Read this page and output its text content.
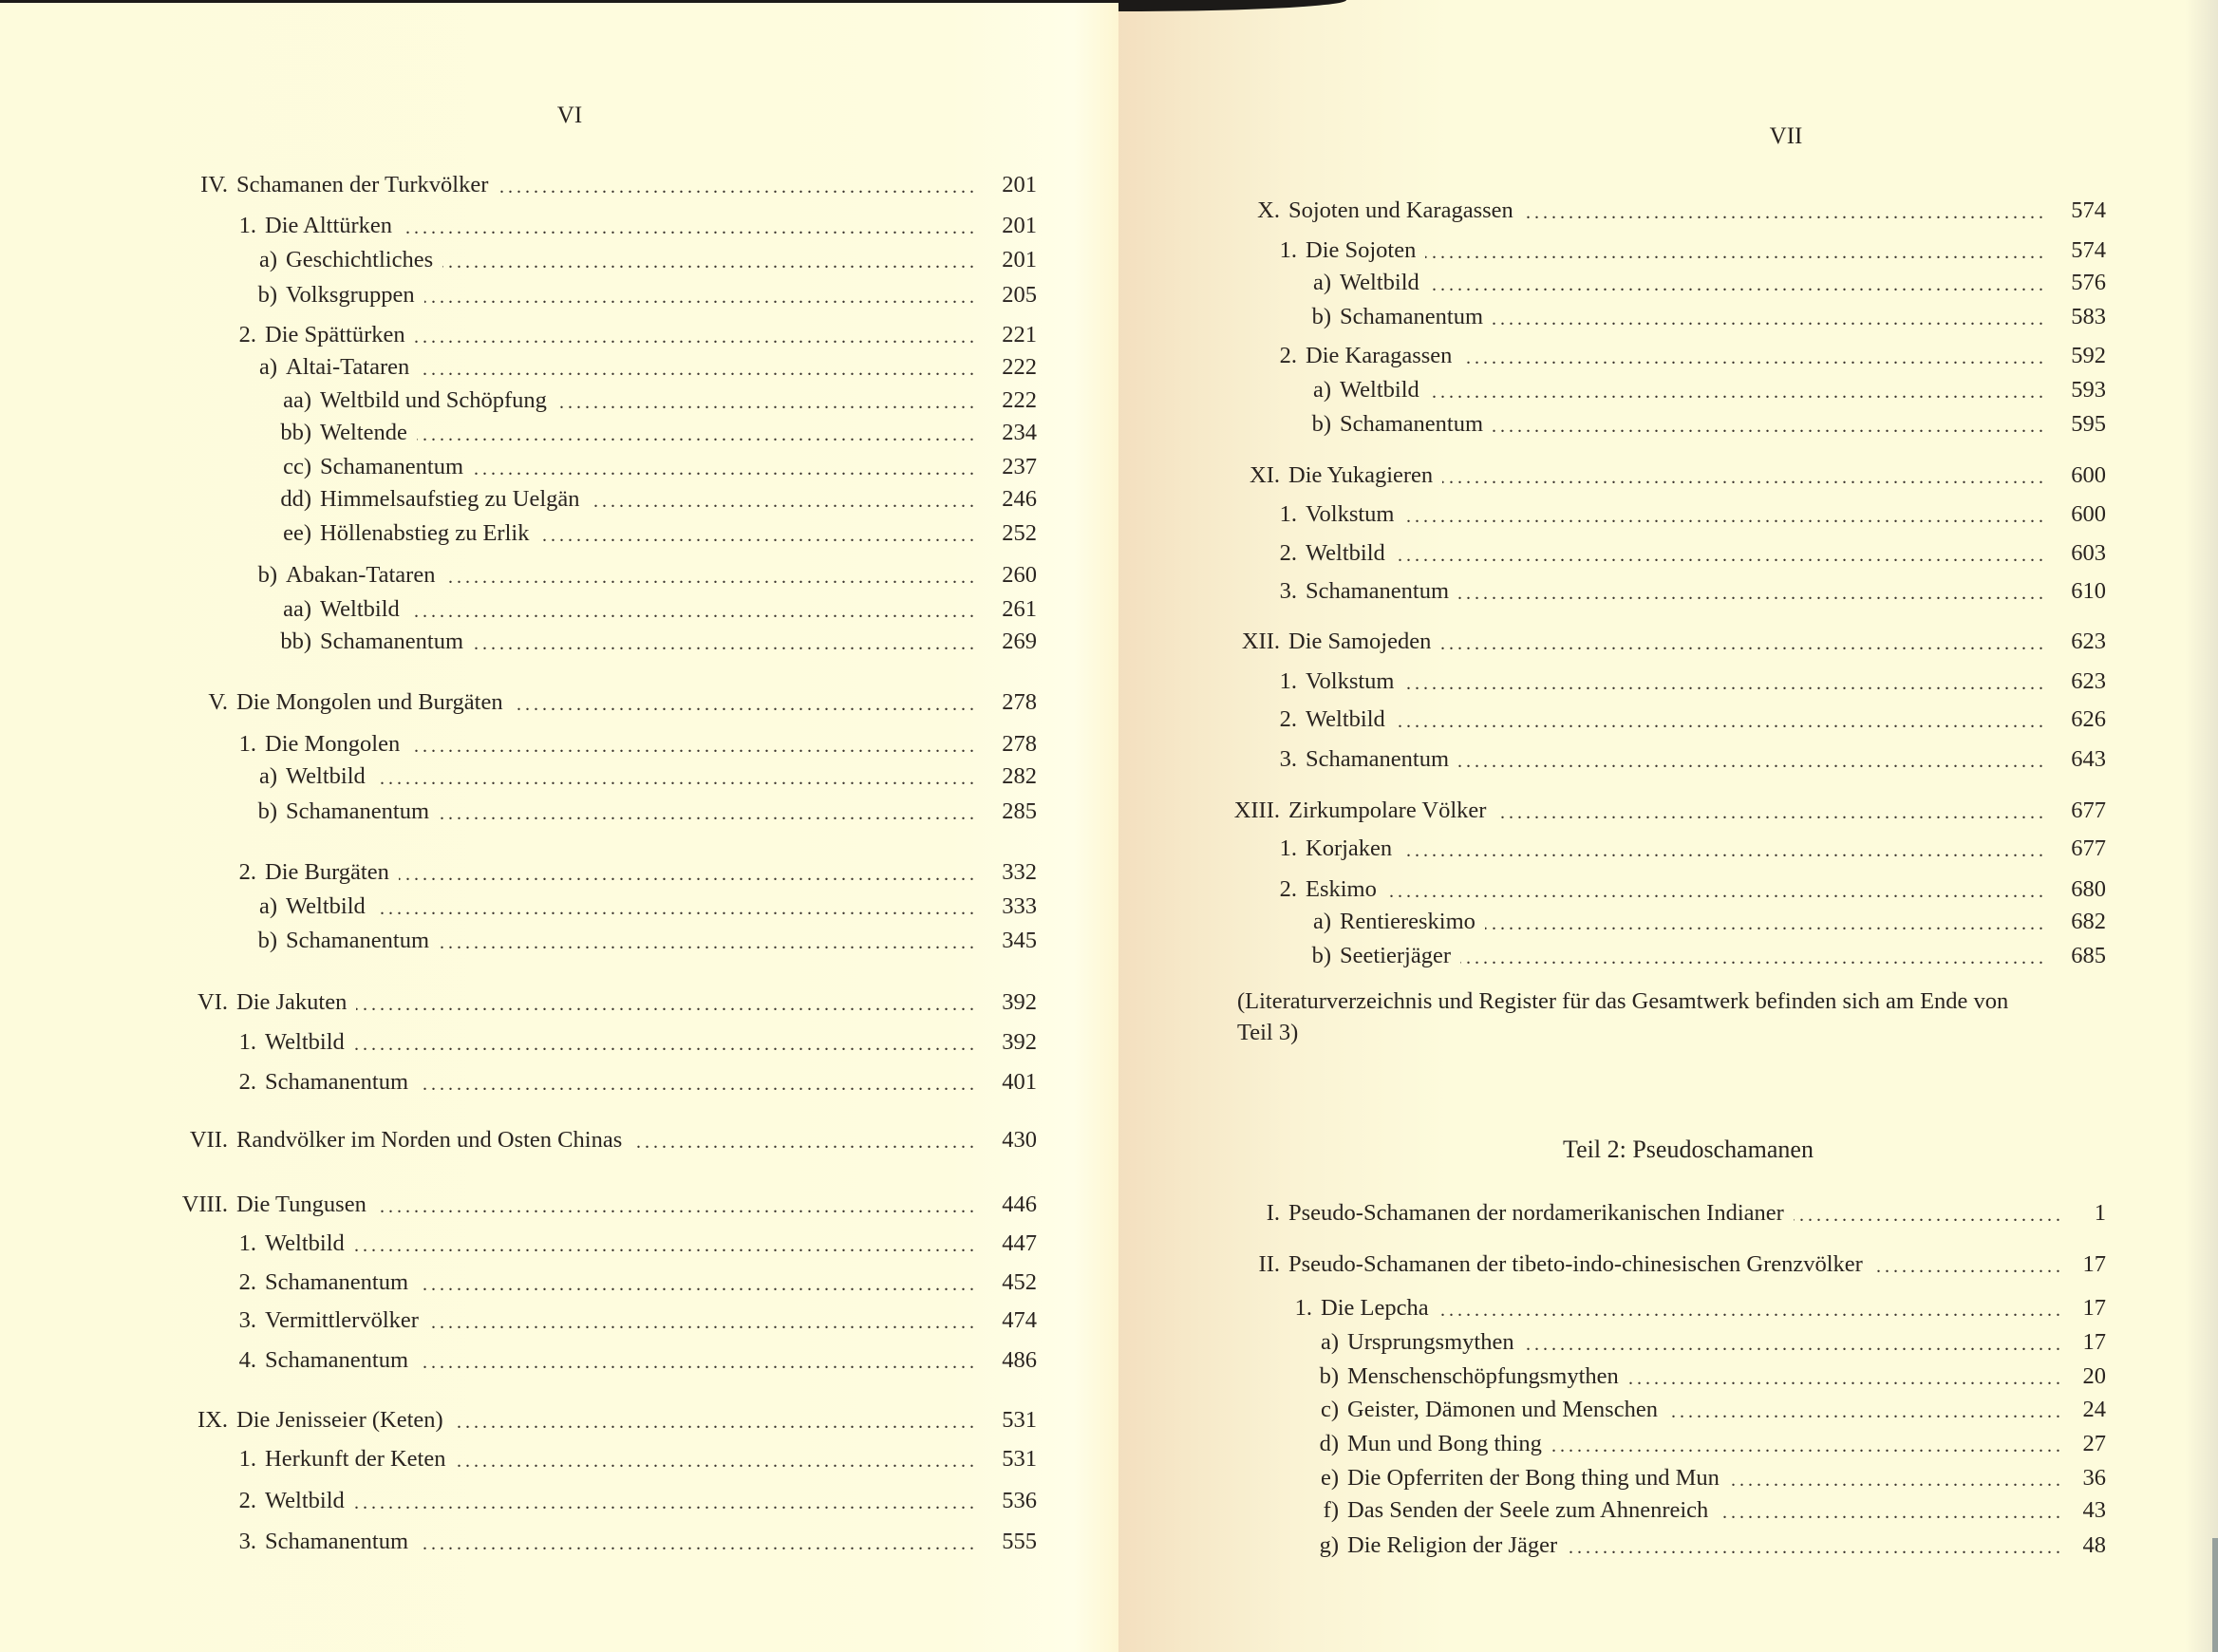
VI
IV. Schamanen der Turkvölker . . .	201
1. Die Alttürken . . .	201
a) Geschichtliches . . .	201
b) Volksgruppen . . .	205
2. Die Spättürken . . .	221
a) Altai-Tataren . . .	222
aa) Weltbild und Schöpfung . . .	222
bb) Weltende . . .	234
cc) Schamanentum . . .	237
dd) Himmelsaufstieg zu Uelgän . . .	246
ee) Höllenabstieg zu Erlik . . .	252
b) Abakan-Tataren . . .	260
aa) Weltbild . . .	261
bb) Schamanentum . . .	269
V. Die Mongolen und Burgäten . . .	278
1. Die Mongolen . . .	278
a) Weltbild . . .	282
b) Schamanentum . . .	285
2. Die Burgäten . . .	332
a) Weltbild . . .	333
b) Schamanentum . . .	345
VI. Die Jakuten . . .	392
1. Weltbild . . .	392
2. Schamanentum . . .	401
VII. Randvölker im Norden und Osten Chinas . . .	430
VIII. Die Tungusen . . .	446
1. Weltbild . . .	447
2. Schamanentum . . .	452
3. Vermittlervölker . . .	474
4. Schamanentum . . .	486
IX. Die Jenisseier (Keten) . . .	531
1. Herkunft der Keten . . .	531
2. Weltbild . . .	536
3. Schamanentum . . .	555
VII
X. Sojoten und Karagassen . . .	574
1. Die Sojoten . . .	574
a) Weltbild . . .	576
b) Schamanentum . . .	583
2. Die Karagassen . . .	592
a) Weltbild . . .	593
b) Schamanentum . . .	595
XI. Die Yukagieren . . .	600
1. Volkstum . . .	600
2. Weltbild . . .	603
3. Schamanentum . . .	610
XII. Die Samojeden . . .	623
1. Volkstum . . .	623
2. Weltbild . . .	626
3. Schamanentum . . .	643
XIII. Zirkumpolare Völker . . .	677
1. Korjaken . . .	677
2. Eskimo . . .	680
a) Rentiereskimo . . .	682
b) Seetierjäger . . .	685
(Literaturverzeichnis und Register für das Gesamtwerk befinden sich am Ende von
Teil 3)
Teil 2: Pseudoschamanen
I. Pseudo-Schamanen der nordamerikanischen Indianer . . .	1
II. Pseudo-Schamanen der tibeto-indo-chinesischen Grenzvölker . . .	17
1. Die Lepcha . . .	17
a) Ursprungsmythen . . .	17
b) Menschenschöpfungsmythen . . .	20
c) Geister, Dämonen und Menschen . . .	24
d) Mun und Bong thing . . .	27
e) Die Opferriten der Bong thing und Mun . . .	36
f) Das Senden der Seele zum Ahnenreich . . .	43
g) Die Religion der Jäger . . .	48
